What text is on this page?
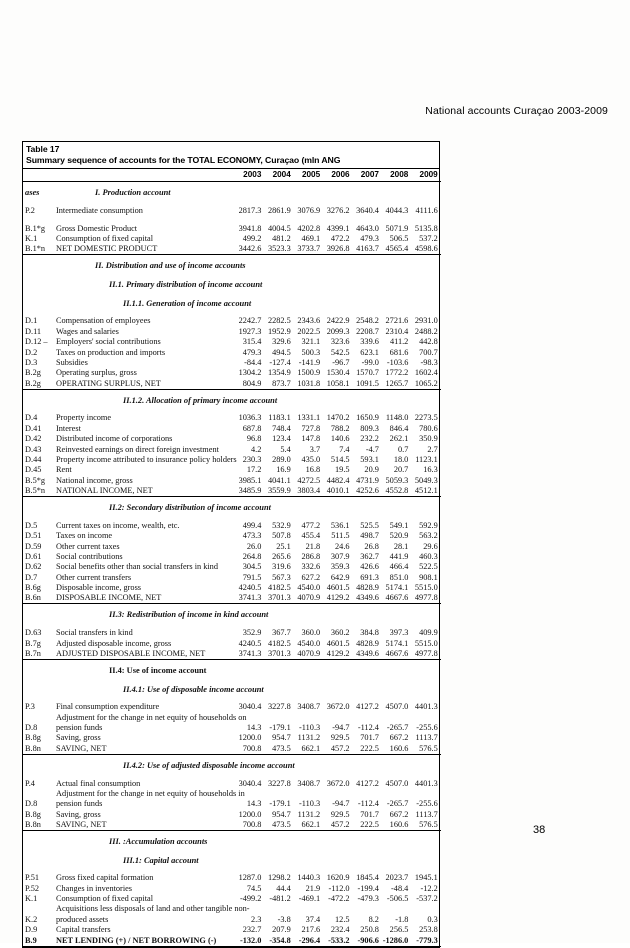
National accounts Curaçao 2003-2009
Table 17
Summary sequence of accounts for the TOTAL ECONOMY, Curaçao (mln ANG
		2003	2004	2005	2006	2007	2008	2009
ases	I. Production account							

P.2	Intermediate consumption	2817.3	2861.9	3076.9	3276.2	3640.4	4044.3	4111.6

B.1*g	Gross Domestic Product	3941.8	4004.5	4202.8	4399.1	4643.0	5071.9	5135.8
K.1	Consumption of fixed capital	499.2	481.2	469.1	472.2	479.3	506.5	537.2
B.1*n	NET DOMESTIC PRODUCT	3442.6	3523.3	3733.7	3926.8	4163.7	4565.4	4598.6
	II. Distribution and use of income accounts							
	II.1. Primary distribution of income account							
	II.1.1. Generation of income account							

D.1	Compensation of employees	2242.7	2282.5	2343.6	2422.9	2548.2	2721.6	2931.0
D.11	Wages and salaries	1927.3	1952.9	2022.5	2099.3	2208.7	2310.4	2488.2
D.12 –	Employers' social contributions	315.4	329.6	321.1	323.6	339.6	411.2	442.8
D.2	Taxes on production and imports	479.3	494.5	500.3	542.5	623.1	681.6	700.7
D.3	Subsidies	-84.4	-127.4	-141.9	-96.7	-99.0	-103.6	-98.3
B.2g	Operating surplus, gross	1304.2	1354.9	1500.9	1530.4	1570.7	1772.2	1602.4
B.2g	OPERATING SURPLUS, NET	804.9	873.7	1031.8	1058.1	1091.5	1265.7	1065.2
	II.1.2. Allocation of primary income account							

D.4	Property income	1036.3	1183.1	1331.1	1470.2	1650.9	1148.0	2273.5
D.41	Interest	687.8	748.4	727.8	788.2	809.3	846.4	780.6
D.42	Distributed income of corporations	96.8	123.4	147.8	140.6	232.2	262.1	350.9
D.43	Reinvested earnings on direct foreign investment	4.2	5.4	3.7	7.4	-4.7	0.7	2.7
D.44	Property income attributed to insurance policy holders	230.3	289.0	435.0	514.5	593.1	18.0	1123.1
D.45	Rent	17.2	16.9	16.8	19.5	20.9	20.7	16.3
B.5*g	National income, gross	3985.1	4041.1	4272.5	4482.4	4731.9	5059.3	5049.3
B.5*n	NATIONAL INCOME, NET	3485.9	3559.9	3803.4	4010.1	4252.6	4552.8	4512.1
	II.2: Secondary distribution of income account							

D.5	Current taxes on income, wealth, etc.	499.4	532.9	477.2	536.1	525.5	549.1	592.9
D.51	Taxes on income	473.3	507.8	455.4	511.5	498.7	520.9	563.2
D.59	Other current taxes	26.0	25.1	21.8	24.6	26.8	28.1	29.6
D.61	Social contributions	264.8	265.6	286.8	307.9	362.7	441.9	460.3
D.62	Social benefits other than social transfers in kind	304.5	319.6	332.6	359.3	426.6	466.4	522.5
D.7	Other current transfers	791.5	567.3	627.2	642.9	691.3	851.0	908.1
B.6g	Disposable income, gross	4240.5	4182.5	4540.0	4601.5	4828.9	5174.1	5515.0
B.6n	DISPOSABLE INCOME, NET	3741.3	3701.3	4070.9	4129.2	4349.6	4667.6	4977.8
	II.3: Redistribution of income in kind account							

D.63	Social transfers in kind	352.9	367.7	360.0	360.2	384.8	397.3	409.9
B.7g	Adjusted disposable income, gross	4240.5	4182.5	4540.0	4601.5	4828.9	5174.1	5515.0
B.7n	ADJUSTED DISPOSABLE INCOME, NET	3741.3	3701.3	4070.9	4129.2	4349.6	4667.6	4977.8
	II.4: Use of income account							
	II.4.1: Use of disposable income account							

P.3	Final consumption expenditure	3040.4	3227.8	3408.7	3672.0	4127.2	4507.0	4401.3
	Adjustment for the change in net equity of households on							
D.8	pension funds	14.3	-179.1	-110.3	-94.7	-112.4	-265.7	-255.6
B.8g	Saving, gross	1200.0	954.7	1131.2	929.5	701.7	667.2	1113.7
B.8n	SAVING, NET	700.8	473.5	662.1	457.2	222.5	160.6	576.5
	II.4.2: Use of adjusted disposable income account							

P.4	Actual final consumption	3040.4	3227.8	3408.7	3672.0	4127.2	4507.0	4401.3
	Adjustment for the change in net equity of households in							
D.8	pension funds	14.3	-179.1	-110.3	-94.7	-112.4	-265.7	-255.6
B.8g	Saving, gross	1200.0	954.7	1131.2	929.5	701.7	667.2	1113.7
B.8n	SAVING, NET	700.8	473.5	662.1	457.2	222.5	160.6	576.5
	III. :Accumulation accounts							
	III.1: Capital account							

P.51	Gross fixed capital formation	1287.0	1298.2	1440.3	1620.9	1845.4	2023.7	1945.1
P.52	Changes in inventories	74.5	44.4	21.9	-112.0	-199.4	-48.4	-12.2
K.1	Consumption of fixed capital	-499.2	-481.2	-469.1	-472.2	-479.3	-506.5	-537.2
	Acquisitions less disposals of land and other tangible non-							
K.2	produced assets	2.3	-3.8	37.4	12.5	8.2	-1.8	0.3
D.9	Capital transfers	232.7	207.9	217.6	232.4	250.8	256.5	253.8
B.9	NET LENDING (+) / NET BORROWING (-)	-132.0	-354.8	-296.4	-533.2	-906.6	-1286.0	-779.3
38
